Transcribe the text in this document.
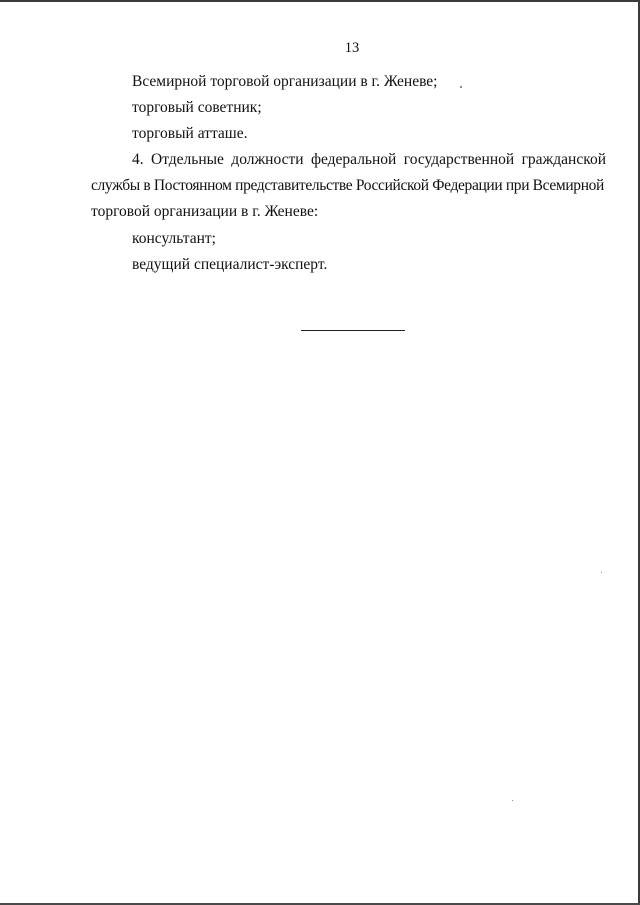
13
Всемирной торговой организации в г. Женеве;
торговый советник;
торговый атташе.
4. Отдельные должности федеральной государственной гражданской
службы в Постоянном представительстве Российской Федерации при Всемирной
торговой организации в г. Женеве:
консультант;
ведущий специалист-эксперт.
